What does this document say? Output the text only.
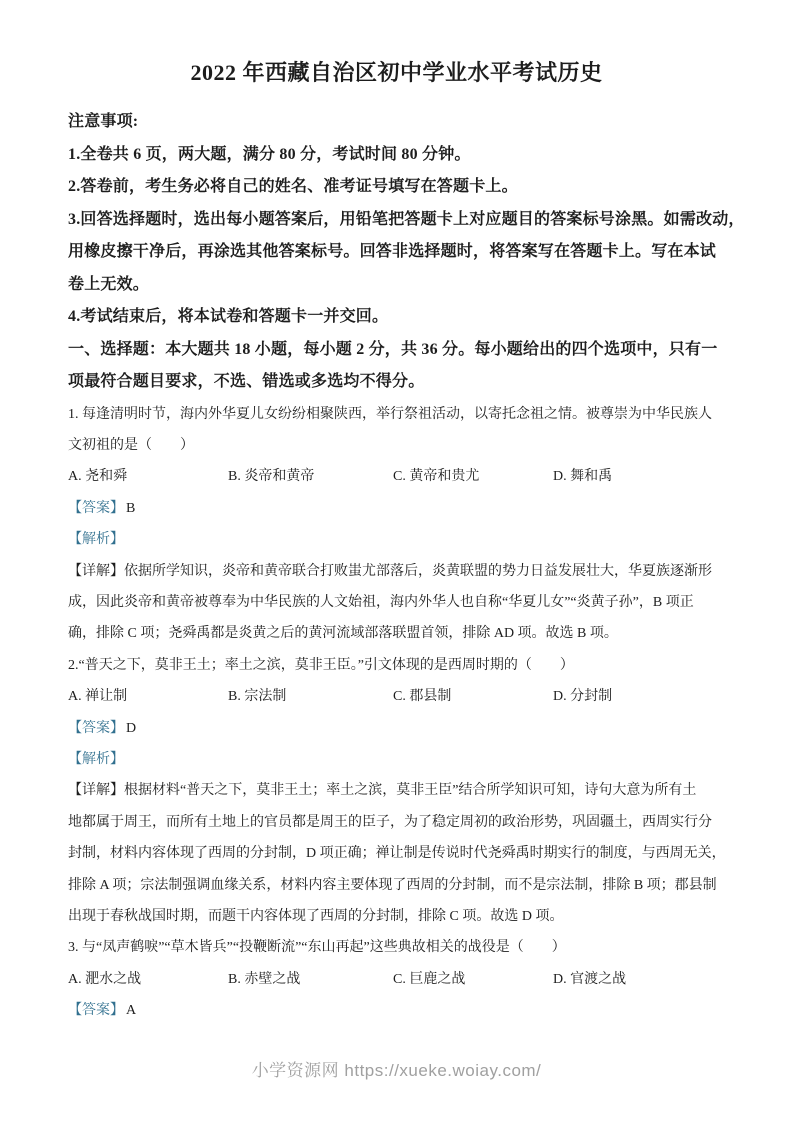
2022 年西藏自治区初中学业水平考试历史
注意事项:
1.全卷共 6 页，两大题，满分 80 分，考试时间 80 分钟。
2.答卷前，考生务必将自己的姓名、准考证号填写在答题卡上。
3.回答选择题时，选出每小题答案后，用铅笔把答题卡上对应题目的答案标号涂黑。如需改动，
用橡皮擦干净后，再涂选其他答案标号。回答非选择题时，将答案写在答题卡上。写在本试
卷上无效。
4.考试结束后，将本试卷和答题卡一并交回。
一、选择题：本大题共 18 小题，每小题 2 分，共 36 分。每小题给出的四个选项中，只有一
项最符合题目要求，不选、错选或多选均不得分。
1. 每逢清明时节，海内外华夏儿女纷纷相聚陕西，举行祭祖活动，以寄托念祖之情。被尊崇为中华民族人
文初祖的是（　　）
A. 尧和舜	B. 炎帝和黄帝	C. 黄帝和贵尤	D. 舞和禹
【答案】 B
【解析】
【详解】依据所学知识，炎帝和黄帝联合打败蚩尤部落后，炎黄联盟的势力日益发展壮大，华夏族逐渐形
成，因此炎帝和黄帝被尊奉为中华民族的人文始祖，海内外华人也自称“华夏儿女”“炎黄子孙”，B 项正
确，排除 C 项；尧舜禹都是炎黄之后的黄河流域部落联盟首领，排除 AD 项。故选 B 项。
2.“普天之下，莫非王土；率土之滨，莫非王臣。”引文体现的是西周时期的（　　）
A. 禅让制	B. 宗法制	C. 郡县制	D. 分封制
【答案】 D
【解析】
【详解】根据材料“普天之下，莫非王土；率土之滨，莫非王臣”结合所学知识可知，诗句大意为所有土
地都属于周王，而所有土地上的官员都是周王的臣子，为了稳定周初的政治形势，巩固疆土，西周实行分
封制，材料内容体现了西周的分封制，D 项正确；禅让制是传说时代尧舜禹时期实行的制度，与西周无关，
排除 A 项；宗法制强调血缘关系，材料内容主要体现了西周的分封制，而不是宗法制，排除 B 项；郡县制
出现于春秋战国时期，而题干内容体现了西周的分封制，排除 C 项。故选 D 项。
3. 与“凤声鹤唳”“草木皆兵”“投鞭断流”“东山再起”这些典故相关的战役是（　　）
A. 淝水之战	B. 赤壁之战	C. 巨鹿之战	D. 官渡之战
【答案】 A
小学资源网 https://xueke.woiay.com/
